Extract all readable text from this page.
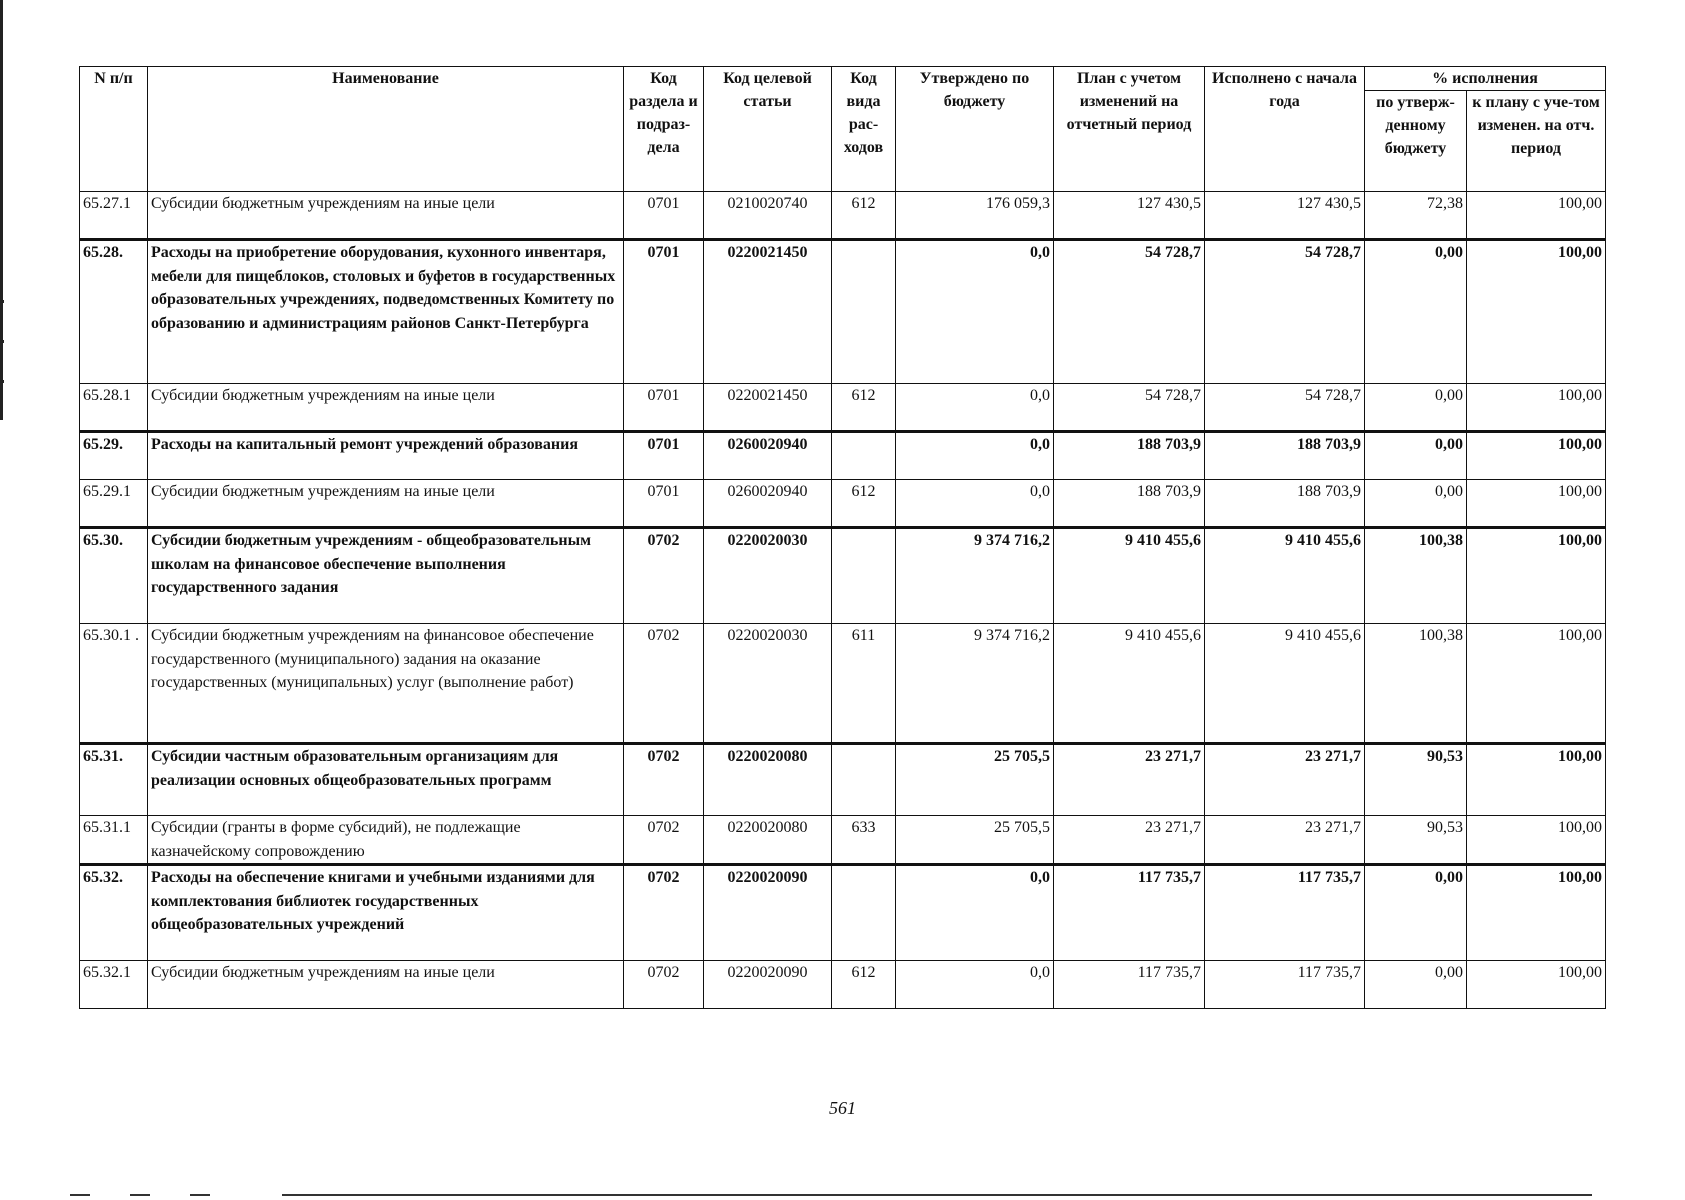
N п/п	Наименование	Код раздела и подраз-дела	Код целевой статьи	Код вида рас-ходов	Утверждено по бюджету	План с учетом изменений на отчетный период	Исполнено с начала года	% исполнения	
								по утверж-денному бюджету	к плану с уче-том изменен. на отч. период
65.27.1	Субсидии бюджетным учреждениям на иные цели	0701	0210020740	612	176 059,3	127 430,5	127 430,5	72,38	100,00
65.28.	Расходы на приобретение оборудования, кухонного инвентаря, мебели для пищеблоков, столовых и буфетов в государственных образовательных учреждениях, подведомственных Комитету по образованию и администрациям районов Санкт-Петербурга	0701	0220021450		0,0	54 728,7	54 728,7	0,00	100,00
65.28.1	Субсидии бюджетным учреждениям на иные цели	0701	0220021450	612	0,0	54 728,7	54 728,7	0,00	100,00
65.29.	Расходы на капитальный ремонт учреждений образования	0701	0260020940		0,0	188 703,9	188 703,9	0,00	100,00
65.29.1	Субсидии бюджетным учреждениям на иные цели	0701	0260020940	612	0,0	188 703,9	188 703,9	0,00	100,00
65.30.	Субсидии бюджетным учреждениям - общеобразовательным школам на финансовое обеспечение выполнения государственного задания	0702	0220020030		9 374 716,2	9 410 455,6	9 410 455,6	100,38	100,00
65.30.1 .	Субсидии бюджетным учреждениям на финансовое обеспечение государственного (муниципального) задания на оказание государственных (муниципальных) услуг (выполнение работ)	0702	0220020030	611	9 374 716,2	9 410 455,6	9 410 455,6	100,38	100,00
65.31.	Субсидии частным образовательным организациям для реализации основных общеобразовательных программ	0702	0220020080		25 705,5	23 271,7	23 271,7	90,53	100,00
65.31.1	Субсидии (гранты в форме субсидий), не подлежащие казначейскому сопровождению	0702	0220020080	633	25 705,5	23 271,7	23 271,7	90,53	100,00
65.32.	Расходы на обеспечение книгами и учебными изданиями для комплектования библиотек государственных общеобразовательных учреждений	0702	0220020090		0,0	117 735,7	117 735,7	0,00	100,00
65.32.1	Субсидии бюджетным учреждениям на иные цели	0702	0220020090	612	0,0	117 735,7	117 735,7	0,00	100,00
561
